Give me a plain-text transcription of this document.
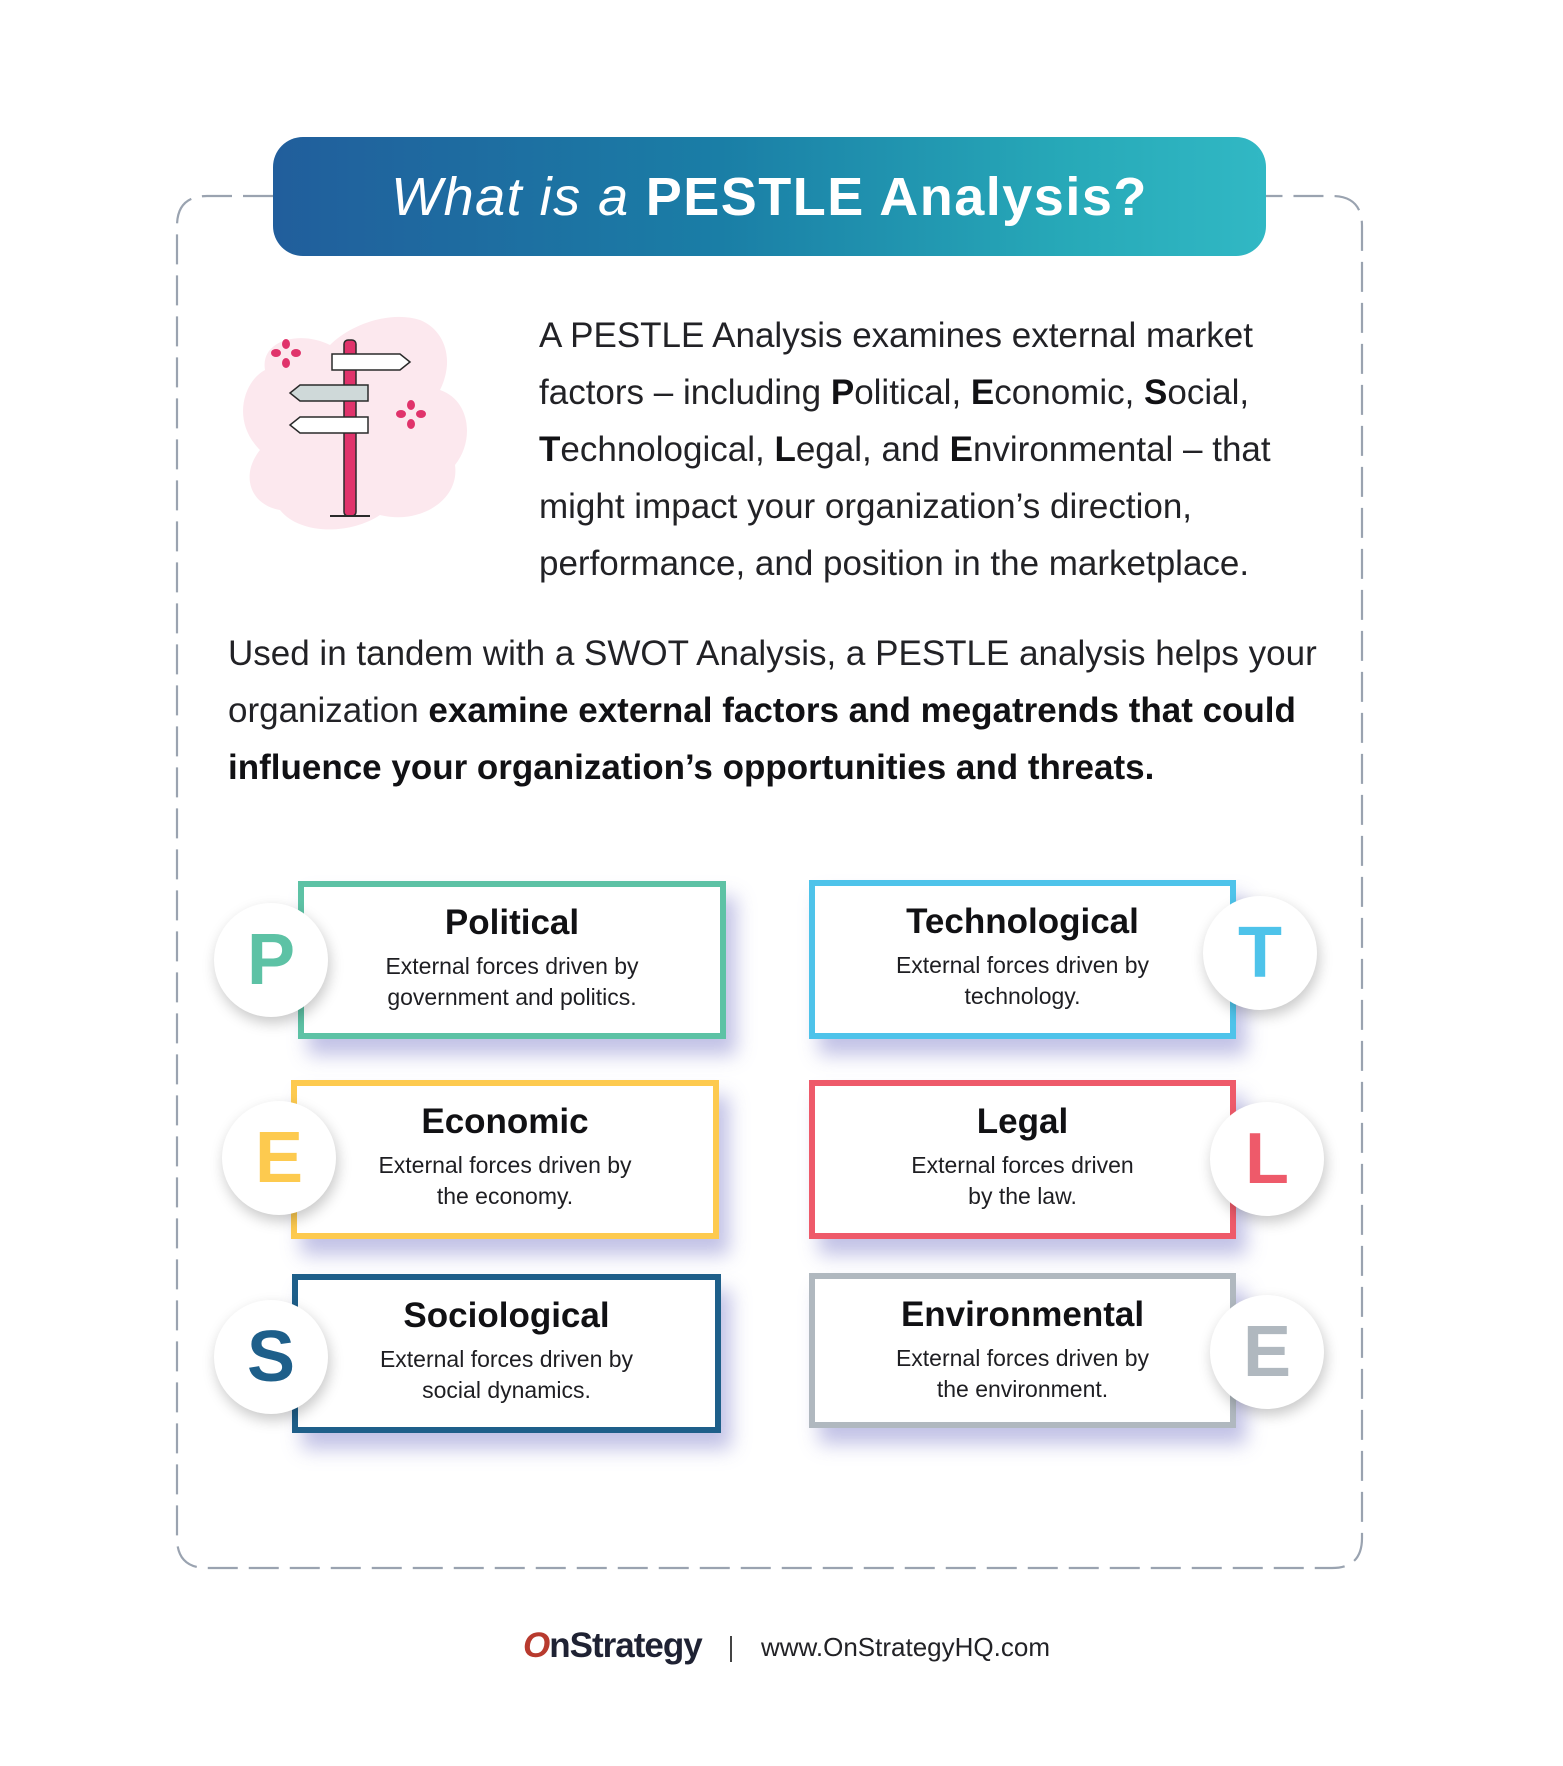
What is a PESTLE Analysis?

A PESTLE Analysis examines external market factors – including Political, Economic, Social, Technological, Legal, and Environmental – that might impact your organization’s direction, performance, and position in the marketplace.

Used in tandem with a SWOT Analysis, a PESTLE analysis helps your organization examine external factors and megatrends that could influence your organization’s opportunities and threats.

Political
External forces driven by
government and politics.
P	Technological
External forces driven by
technology.
T
Economic
External forces driven by
the economy.
E	Legal
External forces driven
by the law.	L
Sociological
External forces driven by
social dynamics.
S
Environmental
External forces driven by
the environment.	E
OnStrategy www.OnStrategyHQ.com
